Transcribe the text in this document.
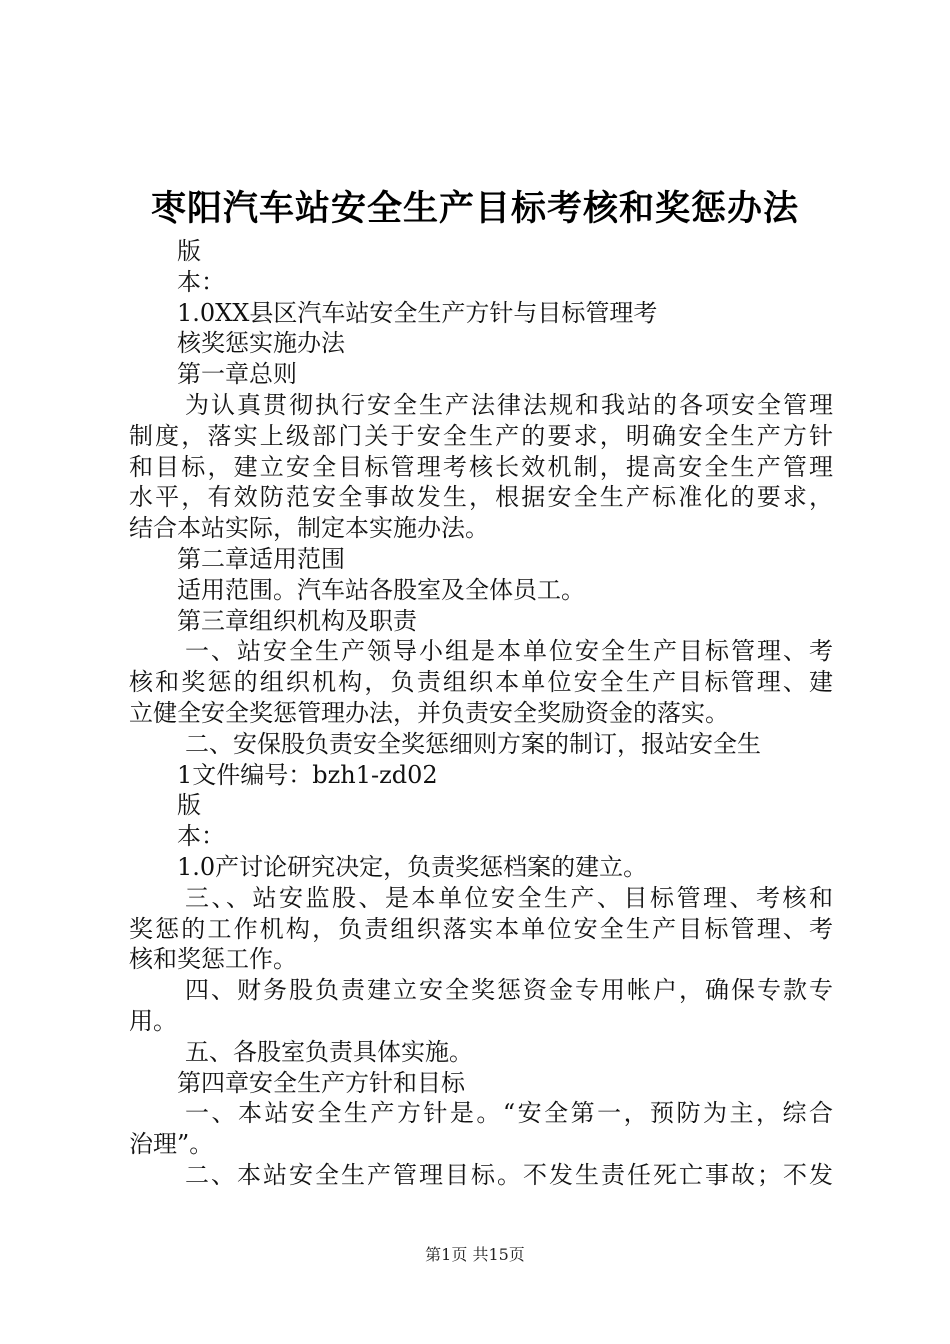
枣阳汽车站安全生产目标考核和奖惩办法
版
本：
1.0XX县区汽车站安全生产方针与目标管理考
核奖惩实施办法
第一章总则
为认真贯彻执行安全生产法律法规和我站的各项安全管理
制度，落实上级部门关于安全生产的要求，明确安全生产方针
和目标，建立安全目标管理考核长效机制，提高安全生产管理
水平，有效防范安全事故发生，根据安全生产标准化的要求，
结合本站实际，制定本实施办法。
第二章适用范围
适用范围。汽车站各股室及全体员工。
第三章组织机构及职责
一、站安全生产领导小组是本单位安全生产目标管理、考
核和奖惩的组织机构，负责组织本单位安全生产目标管理、建
立健全安全奖惩管理办法，并负责安全奖励资金的落实。
二、安保股负责安全奖惩细则方案的制订，报站安全生
1文件编号：bzh1-zd02
版
本：
1.0产讨论研究决定，负责奖惩档案的建立。
三、、站安监股、是本单位安全生产、目标管理、考核和
奖惩的工作机构，负责组织落实本单位安全生产目标管理、考
核和奖惩工作。
四、财务股负责建立安全奖惩资金专用帐户，确保专款专
用。
五、各股室负责具体实施。
第四章安全生产方针和目标
一、本站安全生产方针是。“安全第一，预防为主，综合
治理”。
二、本站安全生产管理目标。不发生责任死亡事故；不发
第1页 共15页
